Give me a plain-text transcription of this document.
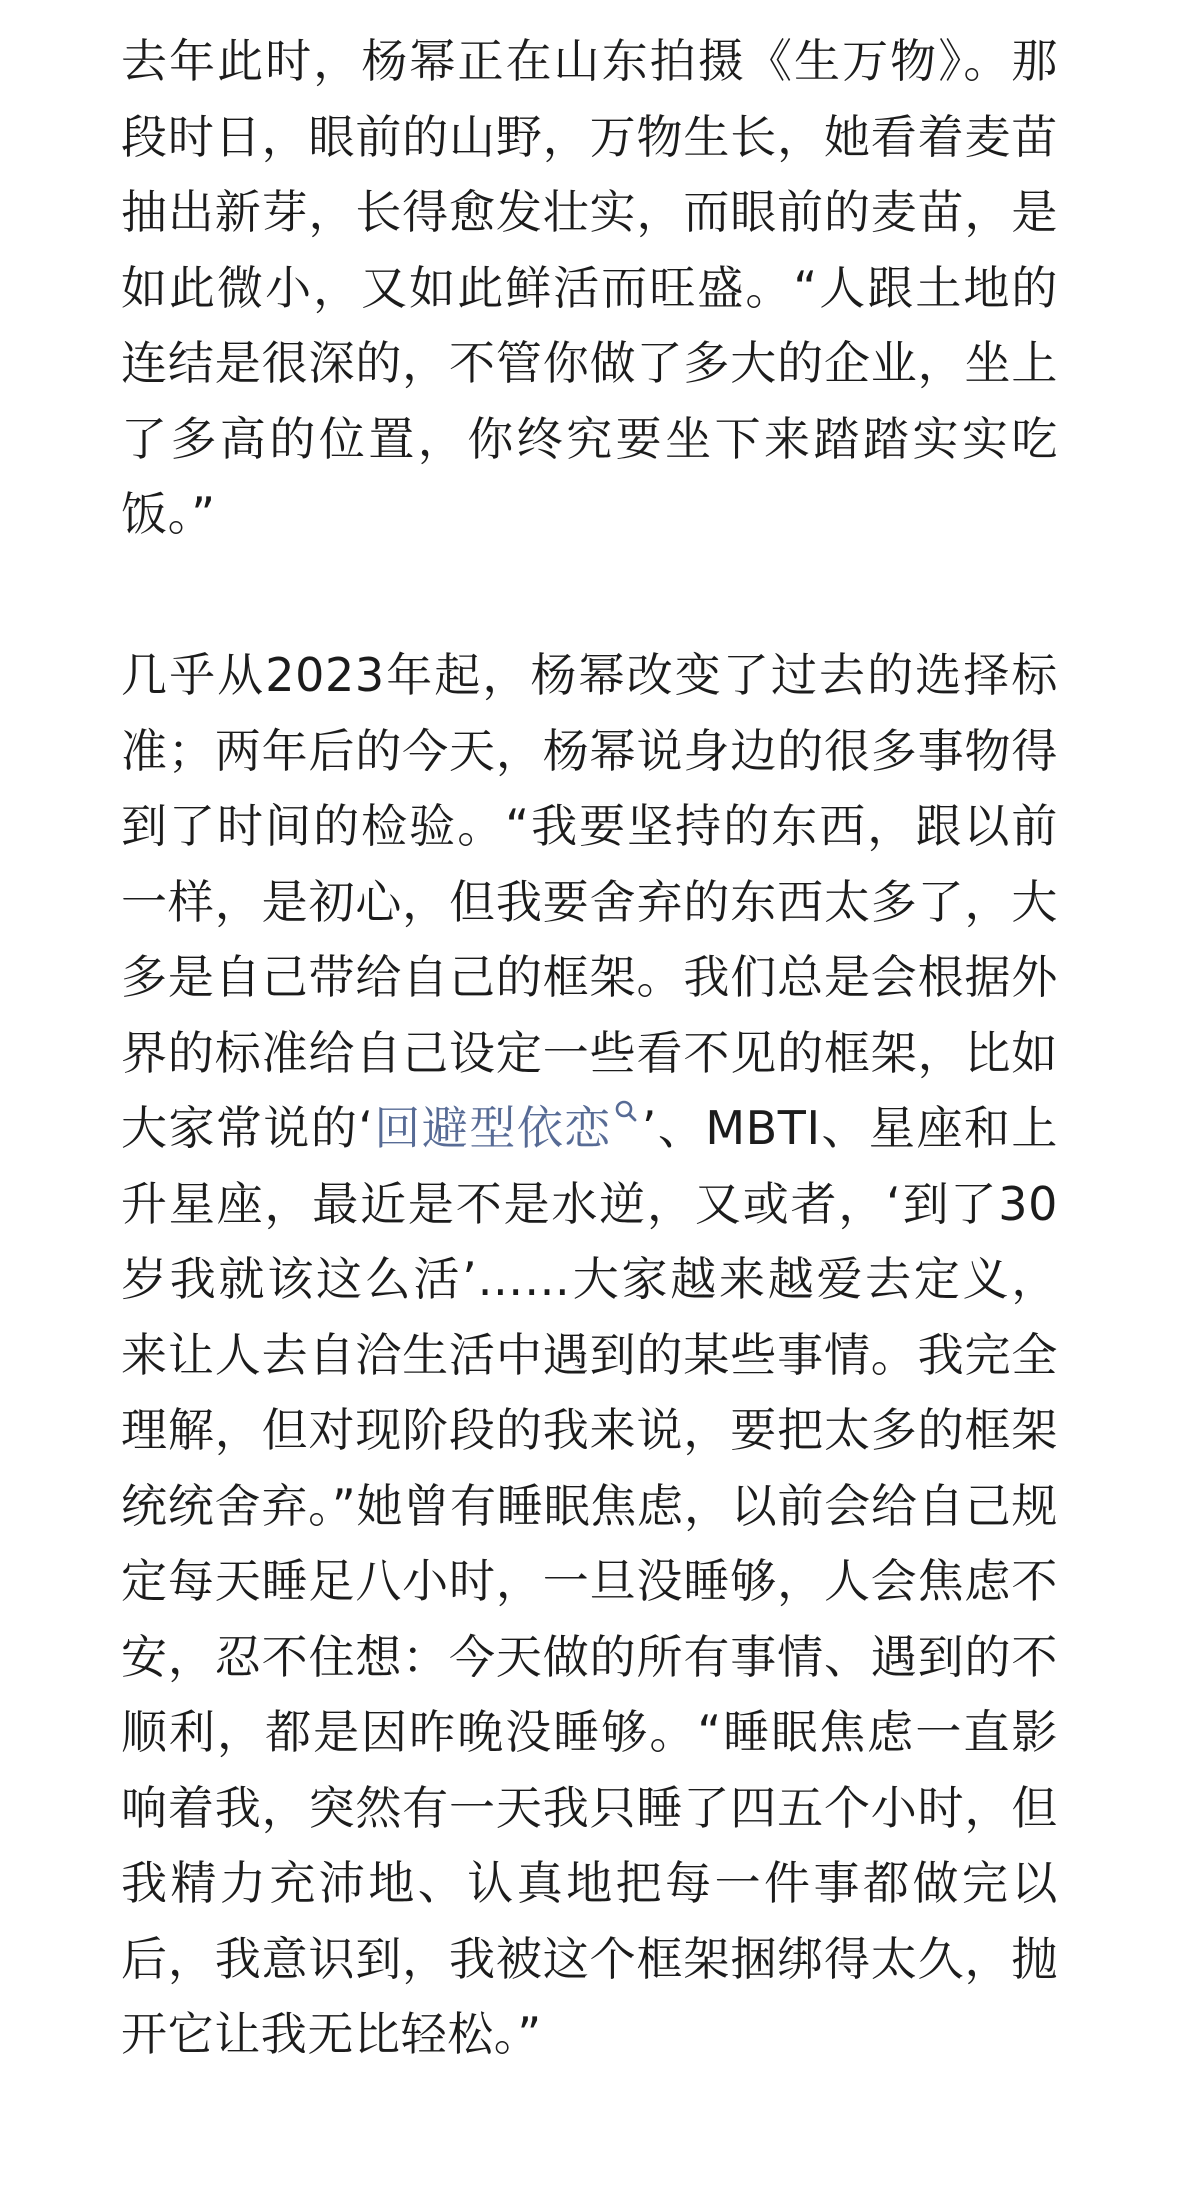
去年此时，杨幂正在山东拍摄《生万物》。那段时日，眼前的山野，万物生长，她看着麦苗抽出新芽，长得愈发壮实，而眼前的麦苗，是如此微小，又如此鲜活而旺盛。“人跟土地的连结是很深的，不管你做了多大的企业，坐上了多高的位置，你终究要坐下来踏踏实实吃饭。”

几乎从2023年起，杨幂改变了过去的选择标准；两年后的今天，杨幂说身边的很多事物得到了时间的检验。“我要坚持的东西，跟以前一样，是初心，但我要舍弃的东西太多了，大多是自己带给自己的框架。我们总是会根据外界的标准给自己设定一些看不见的框架，比如大家常说的‘回避型依恋 ’、MBTI、星座和上升星座，最近是不是水逆，又或者，‘到了30岁我就该这么活’……大家越来越爱去定义，来让人去自洽生活中遇到的某些事情。我完全理解，但对现阶段的我来说，要把太多的框架统统舍弃。”她曾有睡眠焦虑，以前会给自己规定每天睡足八小时，一旦没睡够，人会焦虑不安，忍不住想：今天做的所有事情、遇到的不顺利，都是因昨晚没睡够。“睡眠焦虑一直影响着我，突然有一天我只睡了四五个小时，但我精力充沛地、认真地把每一件事都做完以后，我意识到，我被这个框架捆绑得太久，抛开它让我无比轻松。”
